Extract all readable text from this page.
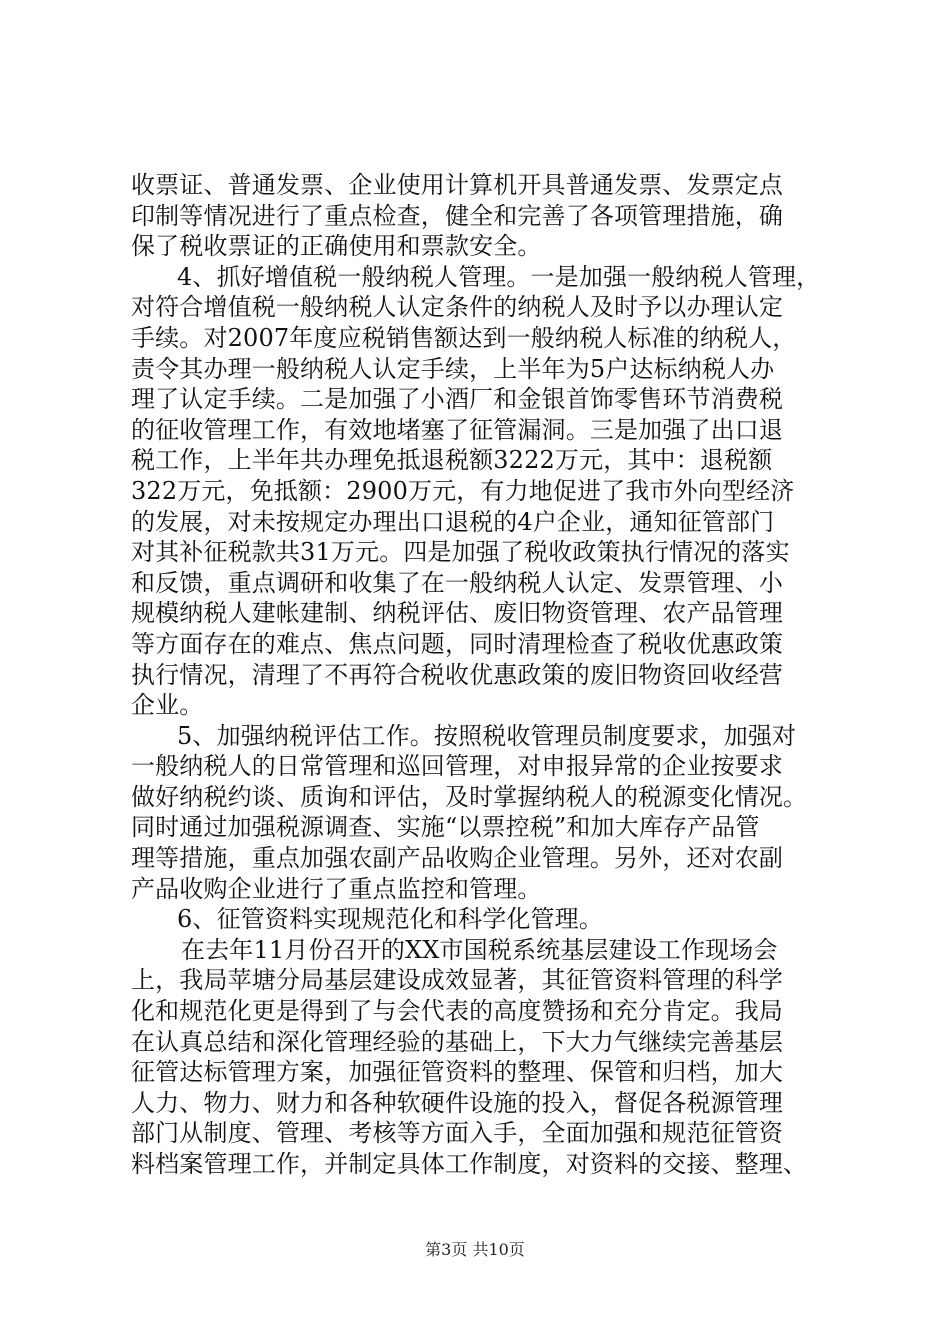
收票证、普通发票、企业使用计算机开具普通发票、发票定点
印制等情况进行了重点检查，健全和完善了各项管理措施，确
保了税收票证的正确使用和票款安全。
4、抓好增值税一般纳税人管理。一是加强一般纳税人管理，
对符合增值税一般纳税人认定条件的纳税人及时予以办理认定
手续。对2007年度应税销售额达到一般纳税人标准的纳税人，
责令其办理一般纳税人认定手续，上半年为5户达标纳税人办
理了认定手续。二是加强了小酒厂和金银首饰零售环节消费税
的征收管理工作，有效地堵塞了征管漏洞。三是加强了出口退
税工作，上半年共办理免抵退税额3222万元，其中：退税额
322万元，免抵额：2900万元，有力地促进了我市外向型经济
的发展，对未按规定办理出口退税的4户企业，通知征管部门
对其补征税款共31万元。四是加强了税收政策执行情况的落实
和反馈，重点调研和收集了在一般纳税人认定、发票管理、小
规模纳税人建帐建制、纳税评估、废旧物资管理、农产品管理
等方面存在的难点、焦点问题，同时清理检查了税收优惠政策
执行情况，清理了不再符合税收优惠政策的废旧物资回收经营
企业。
5、加强纳税评估工作。按照税收管理员制度要求，加强对
一般纳税人的日常管理和巡回管理，对申报异常的企业按要求
做好纳税约谈、质询和评估，及时掌握纳税人的税源变化情况。
同时通过加强税源调查、实施“以票控税”和加大库存产品管
理等措施，重点加强农副产品收购企业管理。另外，还对农副
产品收购企业进行了重点监控和管理。
6、征管资料实现规范化和科学化管理。
在去年11月份召开的XX市国税系统基层建设工作现场会
上，我局苹塘分局基层建设成效显著，其征管资料管理的科学
化和规范化更是得到了与会代表的高度赞扬和充分肯定。我局
在认真总结和深化管理经验的基础上，下大力气继续完善基层
征管达标管理方案，加强征管资料的整理、保管和归档，加大
人力、物力、财力和各种软硬件设施的投入，督促各税源管理
部门从制度、管理、考核等方面入手，全面加强和规范征管资
料档案管理工作，并制定具体工作制度，对资料的交接、整理、
第3页 共10页
